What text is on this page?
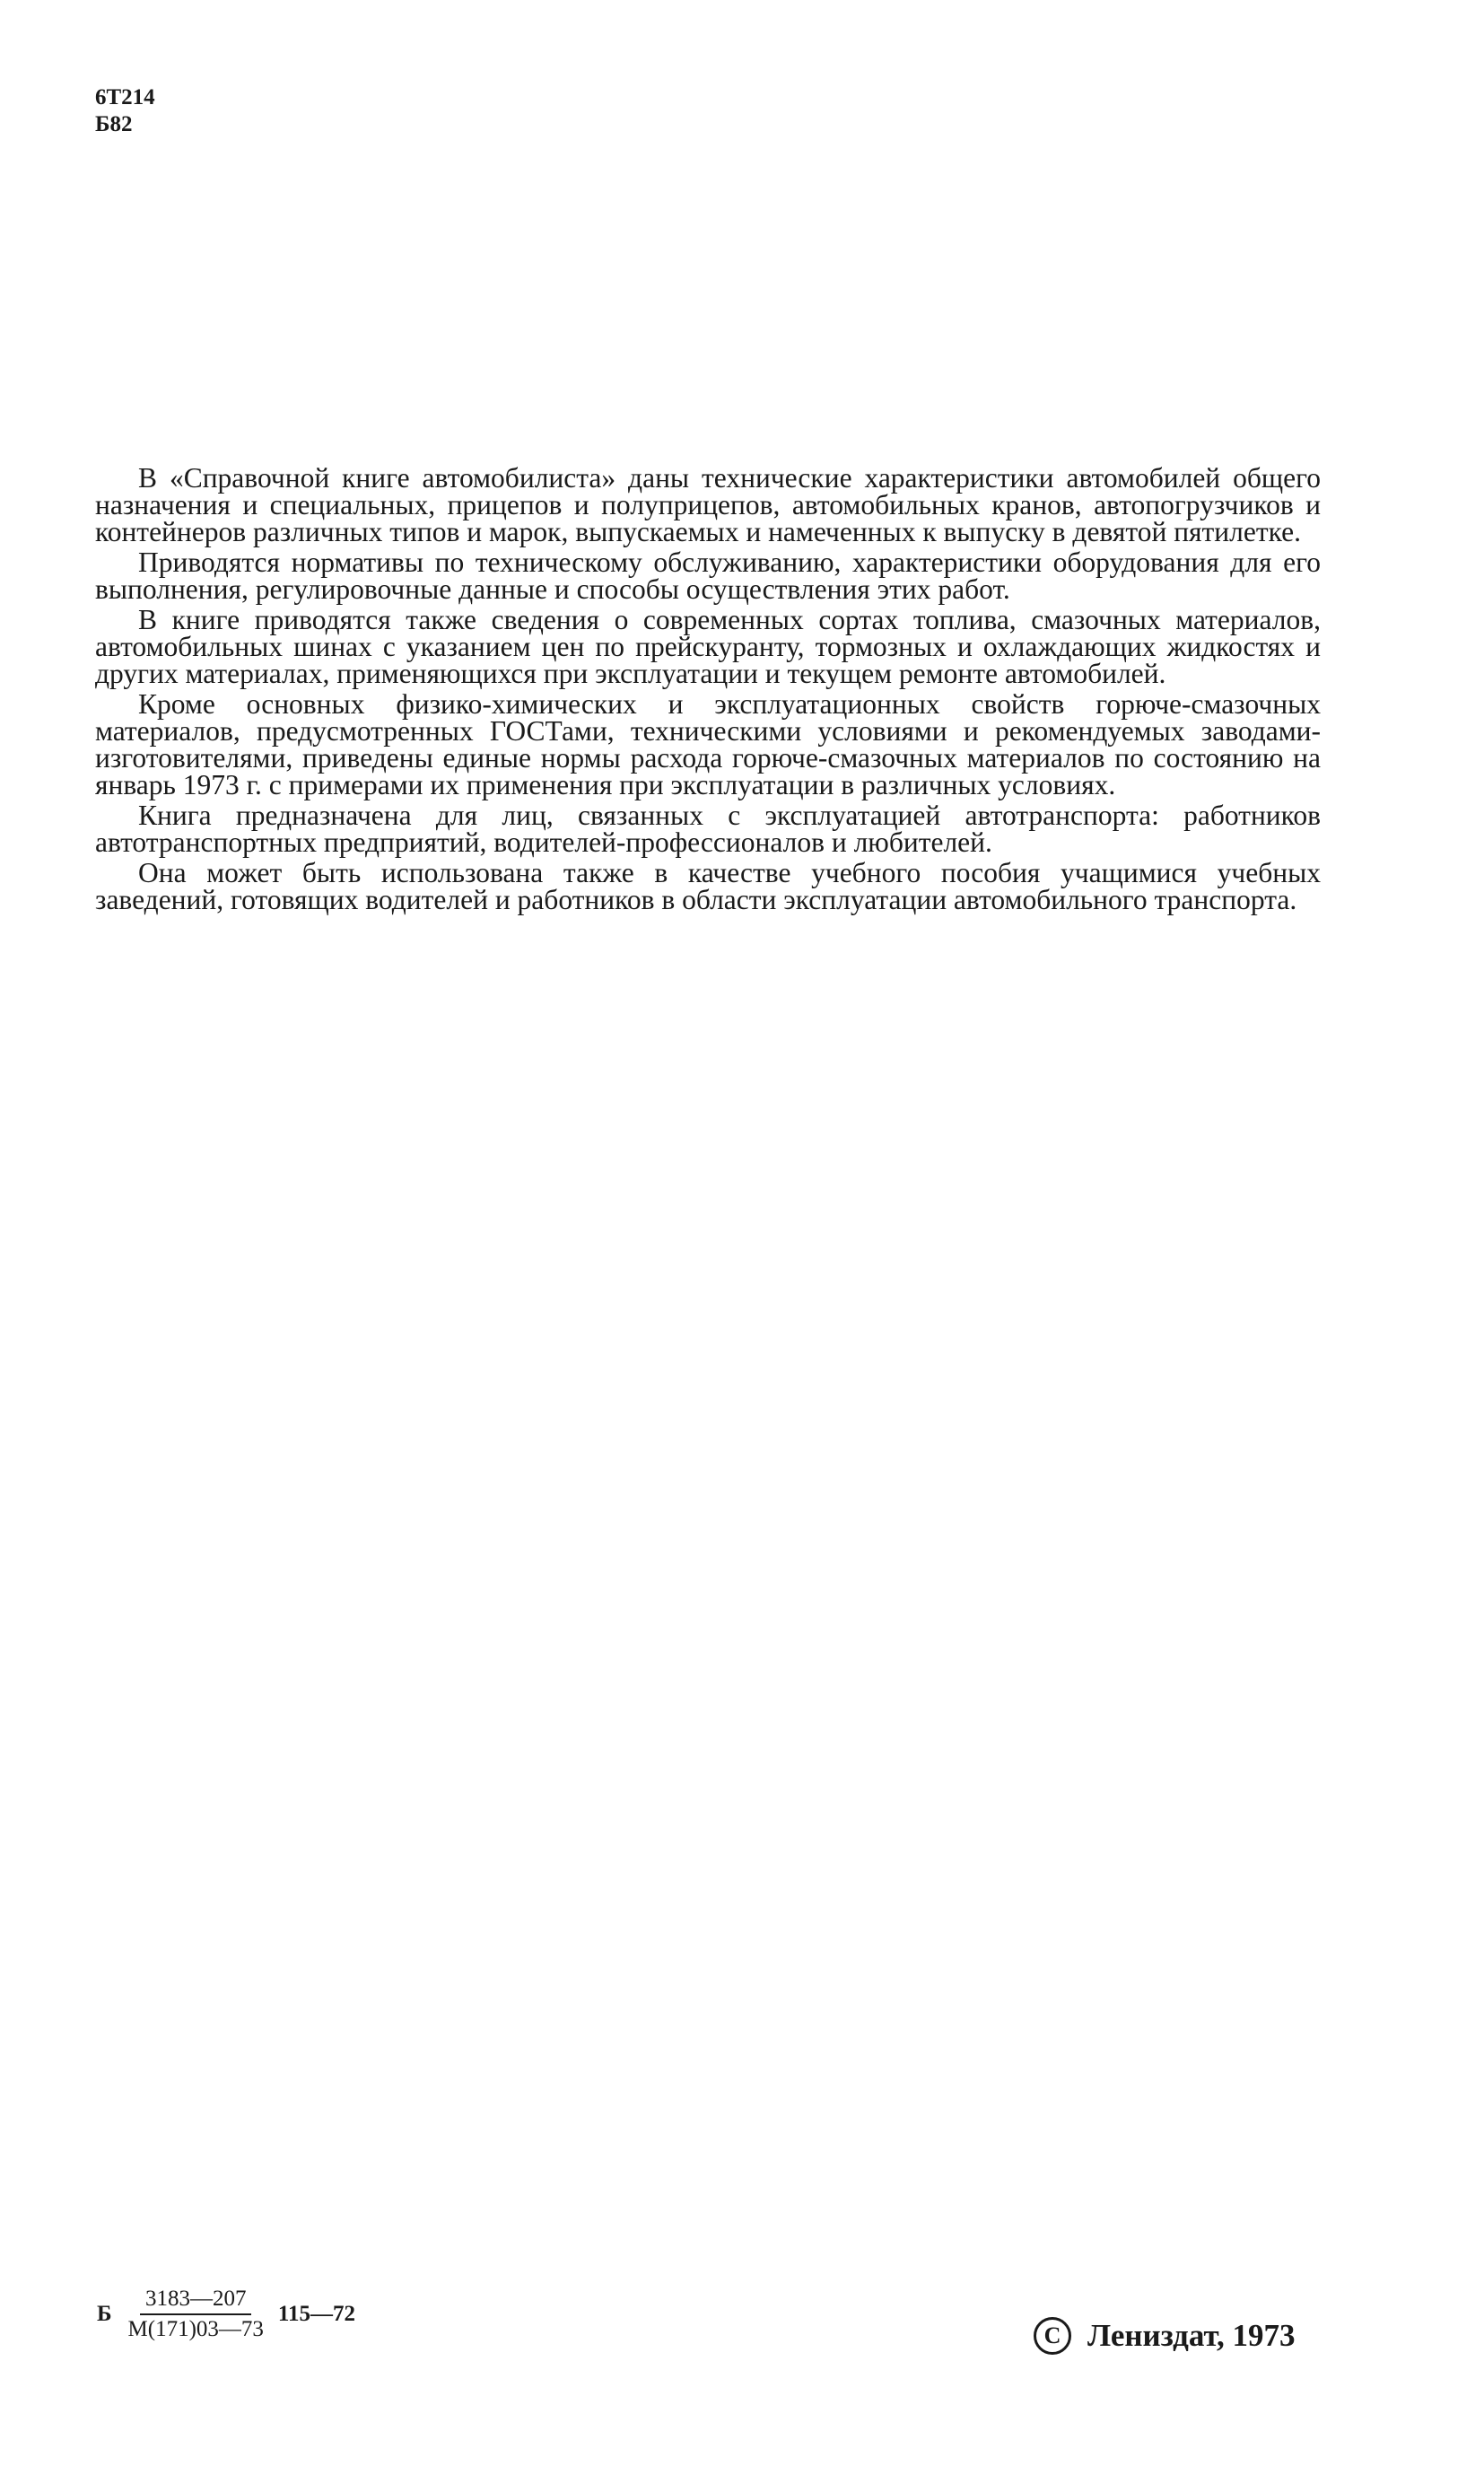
6Т214
Б82

В «Справочной книге автомобилиста» даны технические характеристики автомобилей общего назначения и специальных, прицепов и полуприцепов, автомобильных кранов, автопогрузчиков и контейнеров различных типов и марок, выпускаемых и намеченных к выпуску в девятой пятилетке.

Приводятся нормативы по техническому обслуживанию, характеристики оборудования для его выполнения, регулировочные данные и способы осуществления этих работ.

В книге приводятся также сведения о современных сортах топлива, смазочных материалов, автомобильных шинах с указанием цен по прейскуранту, тормозных и охлаждающих жидкостях и других материалах, применяющихся при эксплуатации и текущем ремонте автомобилей.

Кроме основных физико-химических и эксплуатационных свойств горюче-смазочных материалов, предусмотренных ГОСТами, техническими условиями и рекомендуемых заводами-изготовителями, приведены единые нормы расхода горюче-смазочных материалов по состоянию на январь 1973 г. с примерами их применения при эксплуатации в различных условиях.

Книга предназначена для лиц, связанных с эксплуатацией автотранспорта: работников автотранспортных предприятий, водителей-профессионалов и любителей.

Она может быть использована также в качестве учебного пособия учащимися учебных заведений, готовящих водителей и работников в области эксплуатации автомобильного транспорта.

Б $\frac{3183—207}{М(171)03—73}$ 115—72
C Лениздат, 1973
